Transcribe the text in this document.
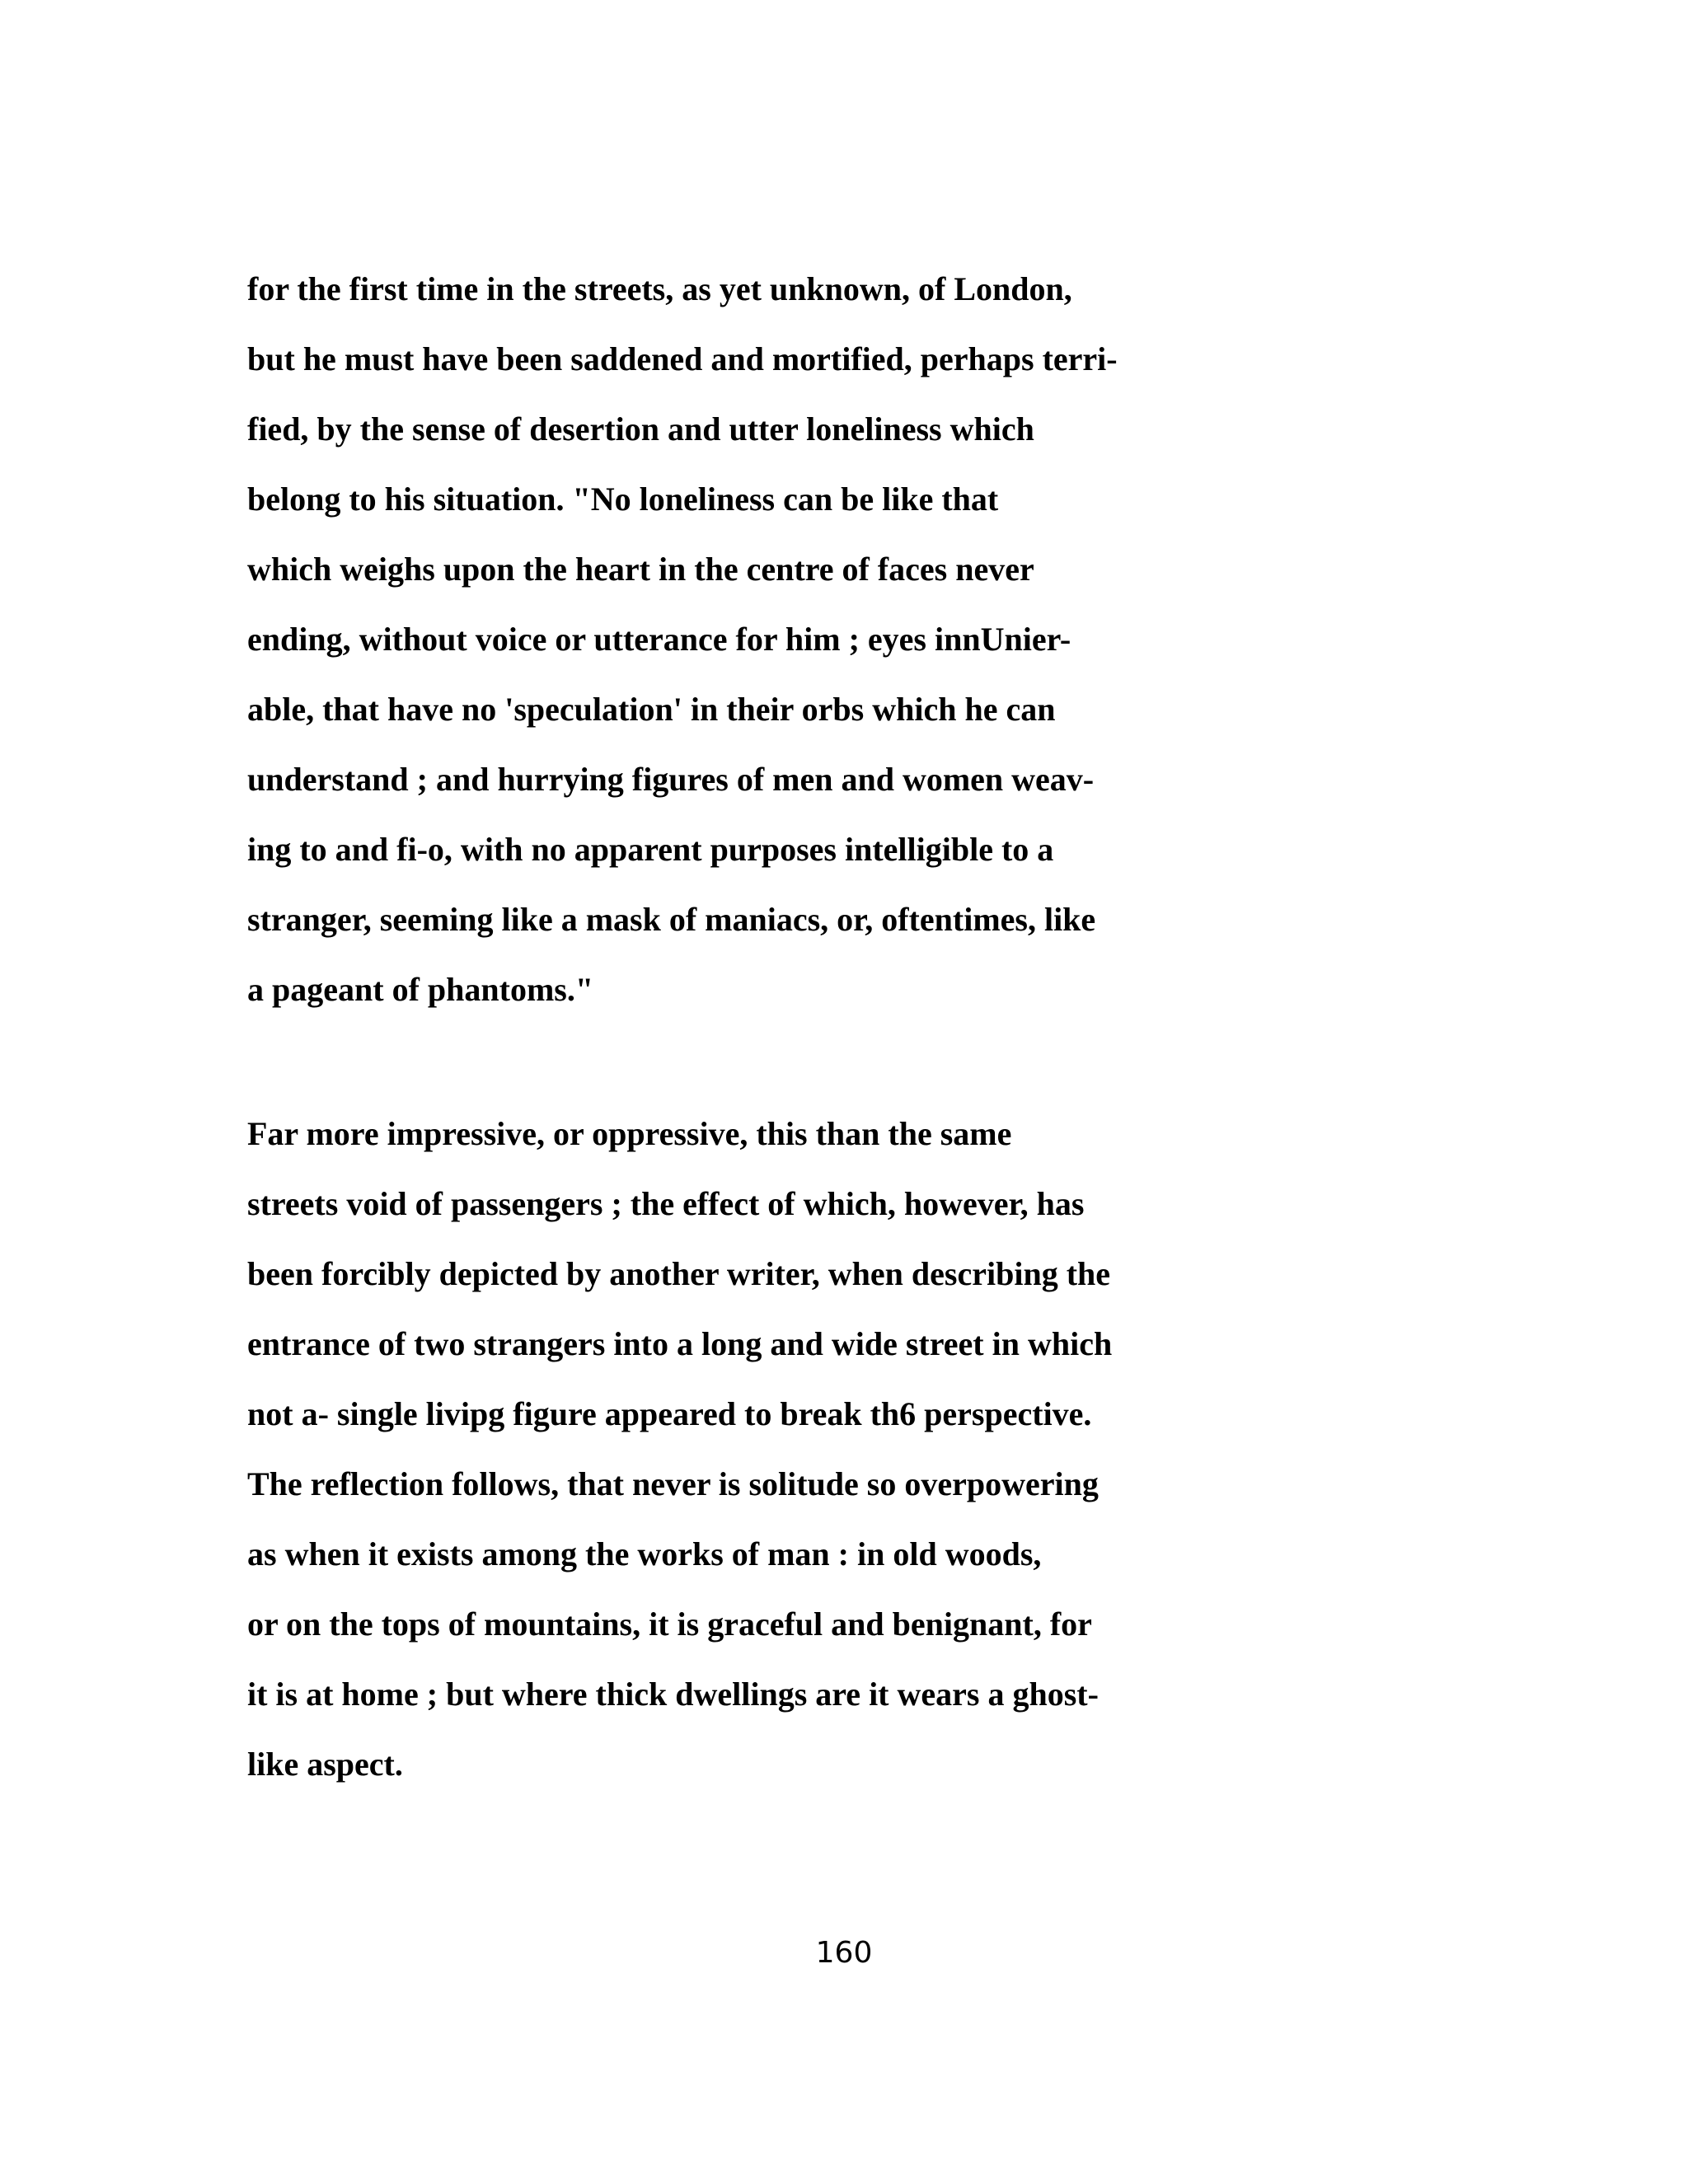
for the first time in the streets, as yet unknown, of London,
but he must have been saddened and mortified, perhaps terri-
fied, by the sense of desertion and utter loneliness which
belong to his situation. "No loneliness can be like that
which weighs upon the heart in the centre of faces never
ending, without voice or utterance for him ; eyes innUnier-
able, that have no 'speculation' in their orbs which he can
understand ; and hurrying figures of men and women weav-
ing to and fi-o, with no apparent purposes intelligible to a
stranger, seeming like a mask of maniacs, or, oftentimes, like
a pageant of phantoms."
Far more impressive, or oppressive, this than the same
streets void of passengers ; the effect of which, however, has
been forcibly depicted by another writer, when describing the
entrance of two strangers into a long and wide street in which
not a- single livipg figure appeared to break th6 perspective.
The reflection follows, that never is solitude so overpowering
as when it exists among the works of man : in old woods,
or on the tops of mountains, it is graceful and benignant, for
it is at home ; but where thick dwellings are it wears a ghost-
like aspect.
160
